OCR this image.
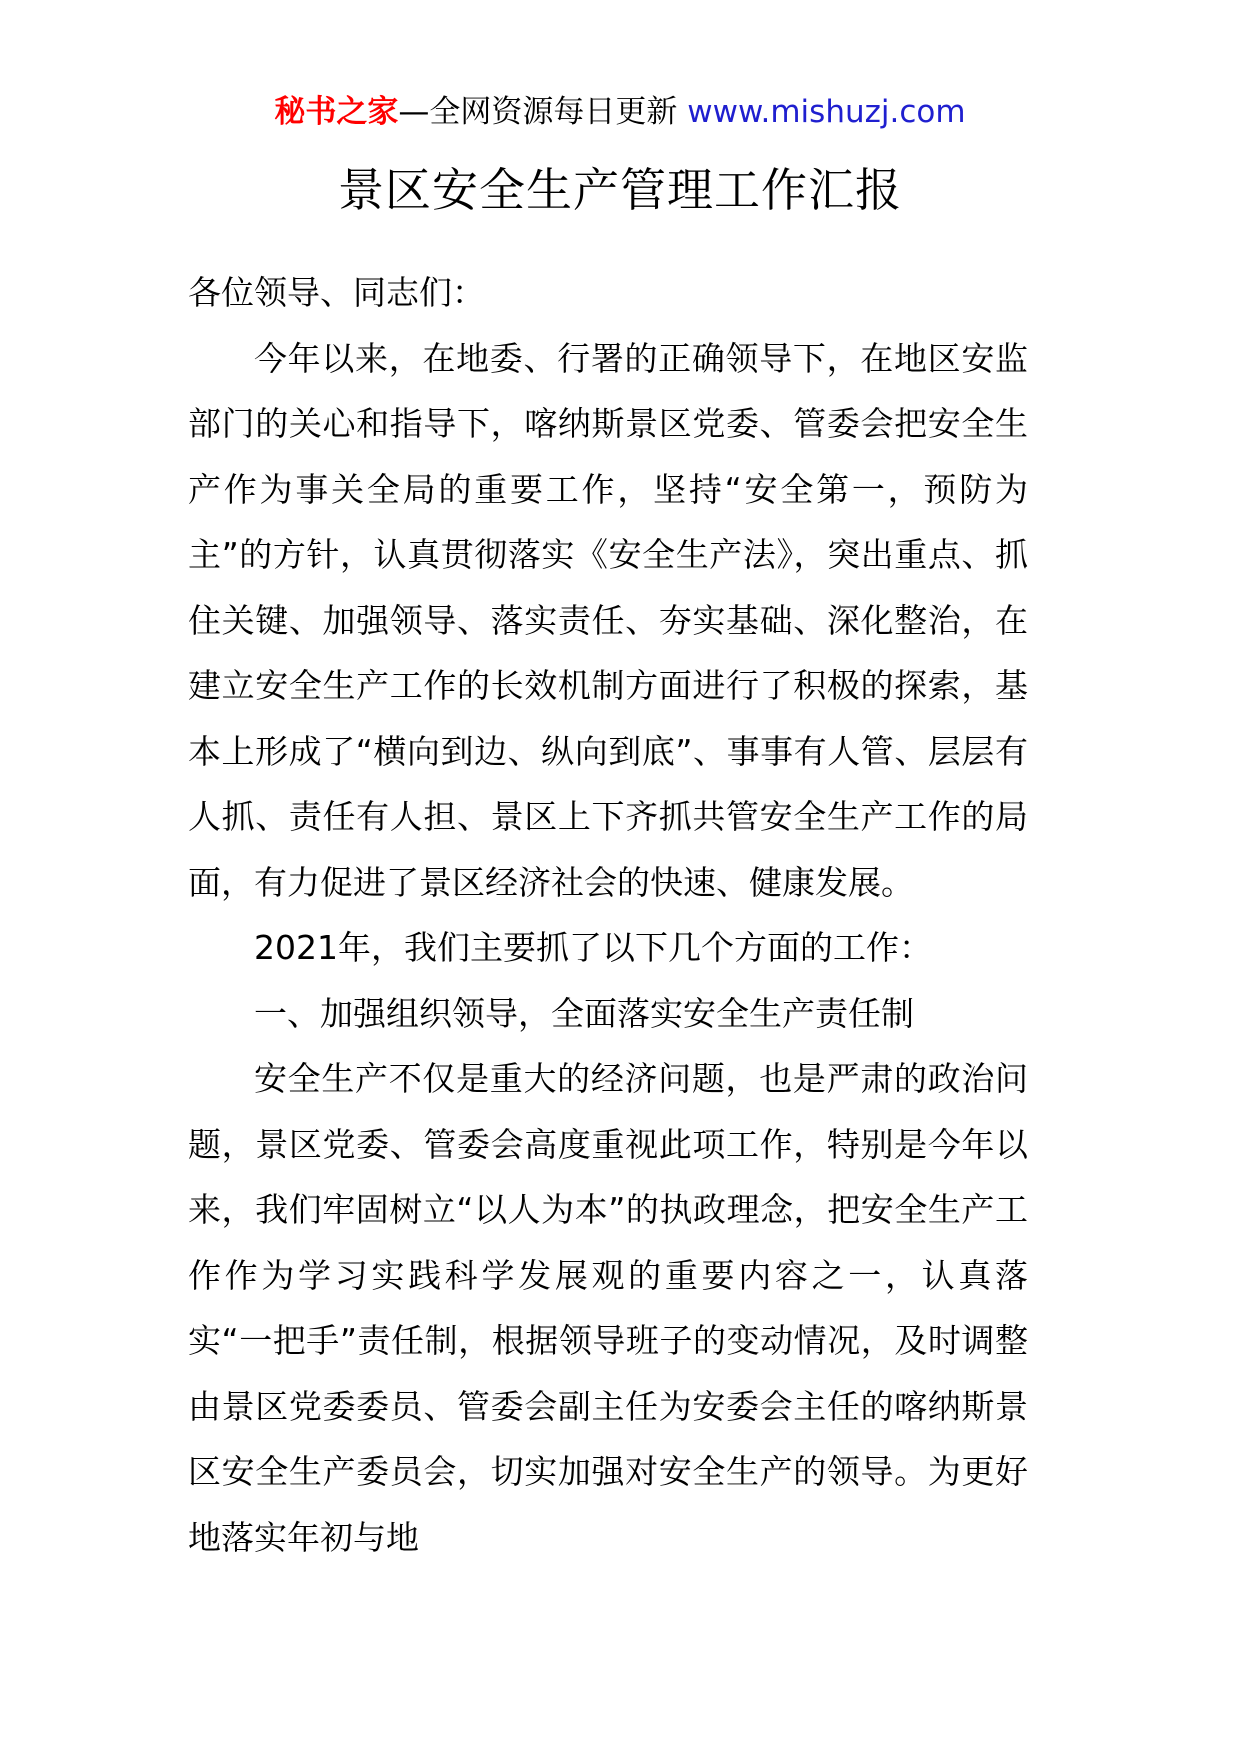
秘书之家—全网资源每日更新 www.mishuzj.com
景区安全生产管理工作汇报

各位领导、同志们：

今年以来，在地委、行署的正确领导下，在地区安监部门的关心和指导下，喀纳斯景区党委、管委会把安全生产作为事关全局的重要工作，坚持“安全第一，预防为主”的方针，认真贯彻落实《安全生产法》，突出重点、抓住关键、加强领导、落实责任、夯实基础、深化整治，在建立安全生产工作的长效机制方面进行了积极的探索，基本上形成了“横向到边、纵向到底”、事事有人管、层层有人抓、责任有人担、景区上下齐抓共管安全生产工作的局面，有力促进了景区经济社会的快速、健康发展。

2021年，我们主要抓了以下几个方面的工作：

一、加强组织领导，全面落实安全生产责任制

安全生产不仅是重大的经济问题，也是严肃的政治问题，景区党委、管委会高度重视此项工作，特别是今年以来，我们牢固树立“以人为本”的执政理念，把安全生产工作作为学习实践科学发展观的重要内容之一，认真落实“一把手”责任制，根据领导班子的变动情况，及时调整由景区党委委员、管委会副主任为安委会主任的喀纳斯景区安全生产委员会，切实加强对安全生产的领导。为更好地落实年初与地
